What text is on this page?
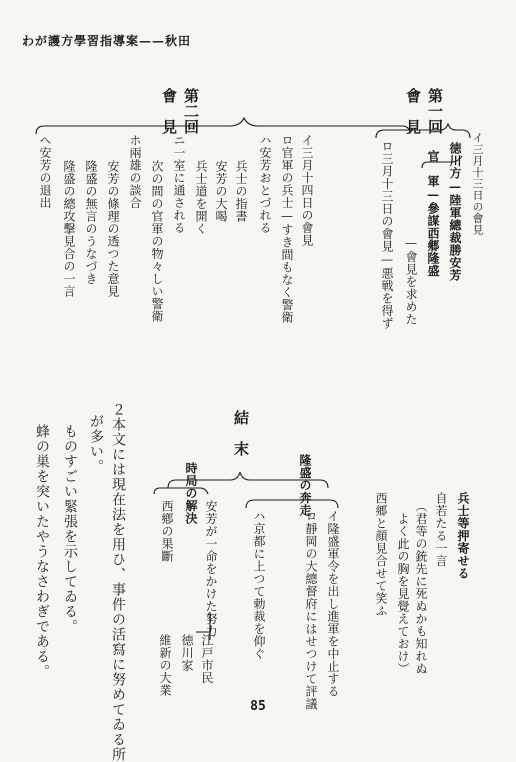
わが護方學習指導案——秋田
第一回
會　見
徳川方—陸軍總裁勝安芳
官　軍—參謀西郷隆盛
—會見を求めた
ロ三月十三日の會見—悪戦を得ず
第二回
會　見
イ三月十四日の會見
ロ官軍の兵士—すき間もなく警衛
ハ安芳おとづれる
兵士の指書
安芳の大喝
兵士道を開く
ニ一室に通される
次の間の官軍の物々しい警衛
ホ兩雄の談合
安芳の條理の透つた意見
隆盛の無言のうなづき
隆盛の總攻擊見合の一言
ヘ安芳の退出
兵士等押寄せる
自若たる一言
（君等の銃先に死ぬかも知れぬ
　よく此の胸を見覺えておけ）
西郷と顔見合せて笑ふ
結　末
隆盛の奔走
イ隆盛軍令を出し進軍を中止する
ロ靜岡の大總督府にはせつけて評議
ハ京都に上つて勅裁を仰ぐ
時局の解決
西鄕の果斷	安芳が一命をかけた努力
江戸市民
徳川家
維新の大業
２本文には現在法を用ひ、事件の活寫に努めてゐる所
が多い。
ものすごい緊張を示してゐる。
蜂の巣を突いたやうなさわぎである。
イ三月十三日の會見
85
